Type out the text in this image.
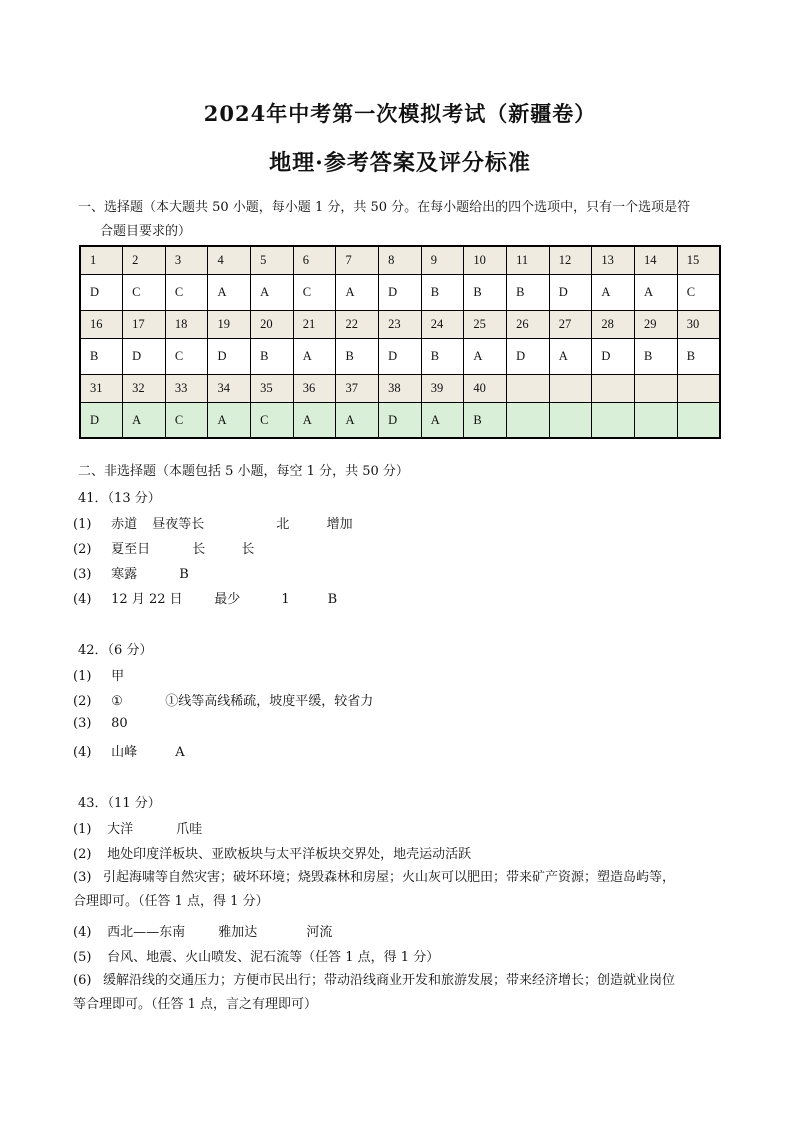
2024年中考第一次模拟考试（新疆卷）
地理·参考答案及评分标准
一、选择题（本大题共 50 小题，每小题 1 分，共 50 分。在每小题给出的四个选项中，只有一个选项是符
合题目要求的）
1	2	3	4	5	6	7	8	9	10	11	12	13	14	15
D	C	C	A	A	C	A	D	B	B	B	D	A	A	C
16	17	18	19	20	21	22	23	24	25	26	27	28	29	30
B	D	C	D	B	A	B	D	B	A	D	A	D	B	B
31	32	33	34	35	36	37	38	39	40					
D	A	C	A	C	A	A	D	A	B					
二、非选择题（本题包括 5 小题，每空 1 分，共 50 分）
41．（13 分）
(1) 赤道 昼夜等长	北	增加
(2) 夏至日	长	长
(3) 寒露	B
(4) 12 月 22 日 最少	1	B
42．（6 分）
(1) 甲
(2) ①	①线等高线稀疏，坡度平缓，较省力
(3) 80
(4) 山峰	A
43．（11 分）
(1) 大洋	爪哇
(2) 地处印度洋板块、亚欧板块与太平洋板块交界处，地壳运动活跃
(3) 引起海啸等自然灾害；破坏环境；烧毁森林和房屋；火山灰可以肥田；带来矿产资源；塑造岛屿等，
合理即可。（任答 1 点，得 1 分）
(4) 西北——东南	雅加达	河流
(5) 台风、地震、火山喷发、泥石流等（任答 1 点，得 1 分）
(6) 缓解沿线的交通压力；方便市民出行；带动沿线商业开发和旅游发展；带来经济增长；创造就业岗位
等合理即可。（任答 1 点，言之有理即可）
